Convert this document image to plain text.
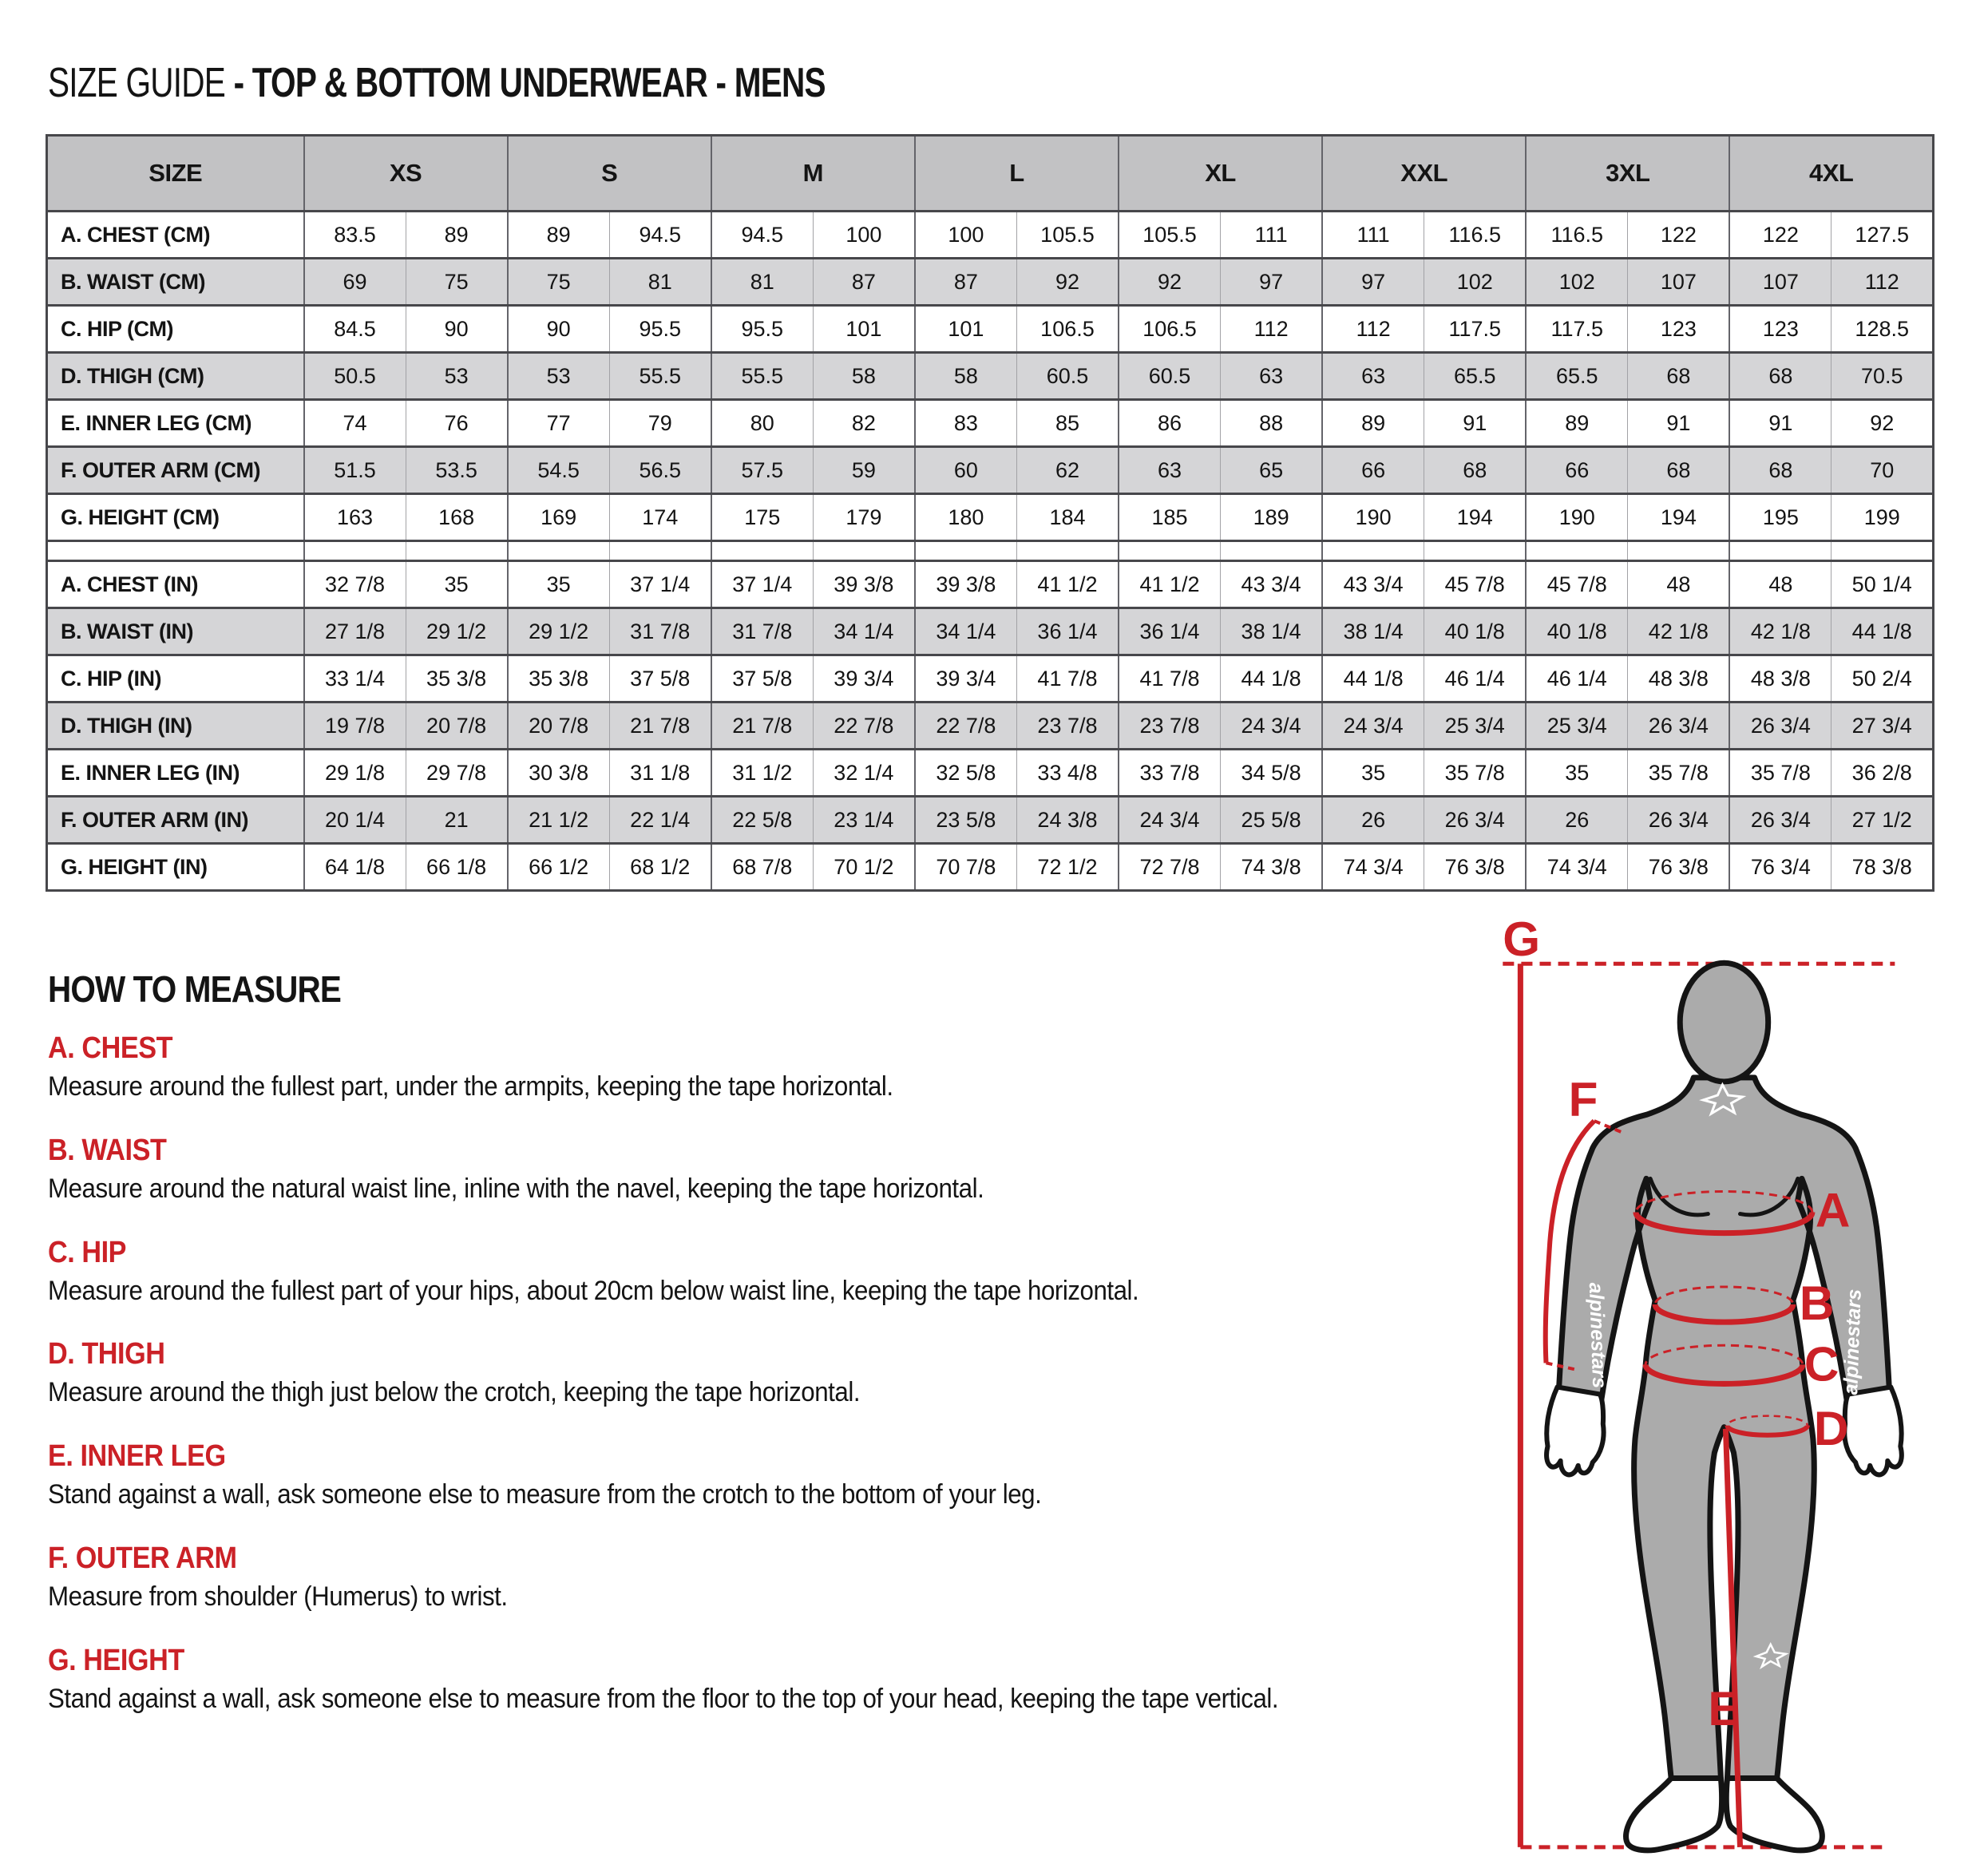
SIZE GUIDE - TOP & BOTTOM UNDERWEAR - MENS
SIZE	XS		S		M		L		XL		XXL		3XL		4XL	
A. CHEST (CM)	83.5	89	89	94.5	94.5	100	100	105.5	105.5	111	111	116.5	116.5	122	122	127.5
B. WAIST (CM)	69	75	75	81	81	87	87	92	92	97	97	102	102	107	107	112
C. HIP (CM)	84.5	90	90	95.5	95.5	101	101	106.5	106.5	112	112	117.5	117.5	123	123	128.5
D. THIGH (CM)	50.5	53	53	55.5	55.5	58	58	60.5	60.5	63	63	65.5	65.5	68	68	70.5
E. INNER LEG (CM)	74	76	77	79	80	82	83	85	86	88	89	91	89	91	91	92
F. OUTER ARM (CM)	51.5	53.5	54.5	56.5	57.5	59	60	62	63	65	66	68	66	68	68	70
G. HEIGHT (CM)	163	168	169	174	175	179	180	184	185	189	190	194	190	194	195	199

A. CHEST (IN)	32 7/8	35	35	37 1/4	37 1/4	39 3/8	39 3/8	41 1/2	41 1/2	43 3/4	43 3/4	45 7/8	45 7/8	48	48	50 1/4
B. WAIST (IN)	27 1/8	29 1/2	29 1/2	31 7/8	31 7/8	34 1/4	34 1/4	36 1/4	36 1/4	38 1/4	38 1/4	40 1/8	40 1/8	42 1/8	42 1/8	44 1/8
C. HIP (IN)	33 1/4	35 3/8	35 3/8	37 5/8	37 5/8	39 3/4	39 3/4	41 7/8	41 7/8	44 1/8	44 1/8	46 1/4	46 1/4	48 3/8	48 3/8	50 2/4
D. THIGH (IN)	19 7/8	20 7/8	20 7/8	21 7/8	21 7/8	22 7/8	22 7/8	23 7/8	23 7/8	24 3/4	24 3/4	25 3/4	25 3/4	26 3/4	26 3/4	27 3/4
E. INNER LEG (IN)	29 1/8	29 7/8	30 3/8	31 1/8	31 1/2	32 1/4	32 5/8	33 4/8	33 7/8	34 5/8	35	35 7/8	35	35 7/8	35 7/8	36 2/8
F. OUTER ARM (IN)	20 1/4	21	21 1/2	22 1/4	22 5/8	23 1/4	23 5/8	24 3/8	24 3/4	25 5/8	26	26 3/4	26	26 3/4	26 3/4	27 1/2
G. HEIGHT (IN)	64 1/8	66 1/8	66 1/2	68 1/2	68 7/8	70 1/2	70 7/8	72 1/2	72 7/8	74 3/8	74 3/4	76 3/8	74 3/4	76 3/8	76 3/4	78 3/8
HOW TO MEASURE
A. CHEST

Measure around the fullest part, under the armpits, keeping the tape horizontal.

B. WAIST

Measure around the natural waist line, inline with the navel, keeping the tape horizontal.

C. HIP

Measure around the fullest part of your hips, about 20cm below waist line, keeping the tape horizontal.

D. THIGH

Measure around the thigh just below the crotch, keeping the tape horizontal.

E. INNER LEG

Stand against a wall, ask someone else to measure from the crotch to the bottom of your leg.

F. OUTER ARM

Measure from shoulder (Humerus) to wrist.

G. HEIGHT

Stand against a wall, ask someone else to measure from the floor to the top of your head, keeping the tape vertical.

alpinestars	alpinestars
G
F
A
B
C
D
E
